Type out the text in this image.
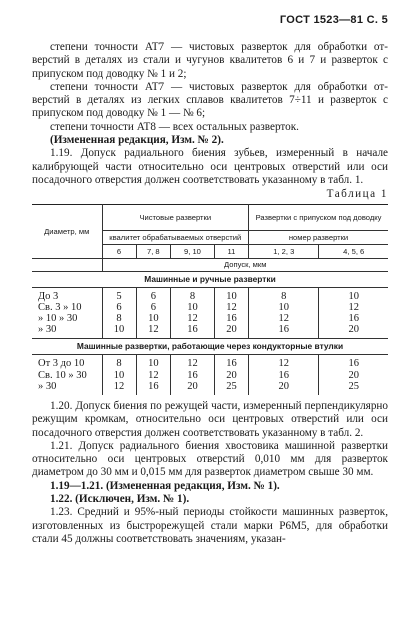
ГОСТ 1523—81 С. 5

степени точности AT7 — чистовых разверток для обработки отверстий в деталях из стали и чугунов квалитетов 6 и 7 и разверток с припуском под доводку № 1 и 2;

степени точности AT7 — чистовых разверток для обработки отверстий в деталях из легких сплавов квалитетов 7÷11 и разверток с припуском под доводку № 1 — № 6;

степени точности AT8 — всех остальных разверток.

(Измененная редакция, Изм. № 2).

1.19. Допуск радиального биения зубьев, измеренный в начале калибрующей части относительно оси центровых отверстий или оси посадочного отверстия должен соответствовать указанному в табл. 1.

Таблица 1
Диаметр, мм	Чистовые развертки				Развертки с припуском под доводку	
	квалитет обрабатываемых отверстий				номер развертки	
	6	7, 8	9, 10	11	1, 2, 3	4, 5, 6
	Допуск, мкм					
Машинные и ручные развертки						
До 3	5	6	8	10	8	10
Св. 3 » 10	6	6	10	12	10	12
» 10 » 30	8	10	12	16	12	16
» 30	10	12	16	20	16	20
Машинные развертки, работающие через кондукторные втулки						
От 3 до 10	8	10	12	16	12	16
Св. 10 » 30	10	12	16	20	16	20
» 30	12	16	20	25	20	25

1.20. Допуск биения по режущей части, измеренный перпендикулярно режущим кромкам, относительно оси центровых отверстий или оси посадочного отверстия должен соответствовать указанному в табл. 2.

1.21. Допуск радиального биения хвостовика машинной развертки относительно оси центровых отверстий 0,010 мм для разверток диаметром до 30 мм и 0,015 мм для разверток диаметром свыше 30 мм.

1.19—1.21. (Измененная редакция, Изм. № 1).

1.22. (Исключен, Изм. № 1).

1.23. Средний и 95%-ный периоды стойкости машинных разверток, изготовленных из быстрорежущей стали марки Р6М5, для обработки стали 45 должны соответствовать значениям, указан-
